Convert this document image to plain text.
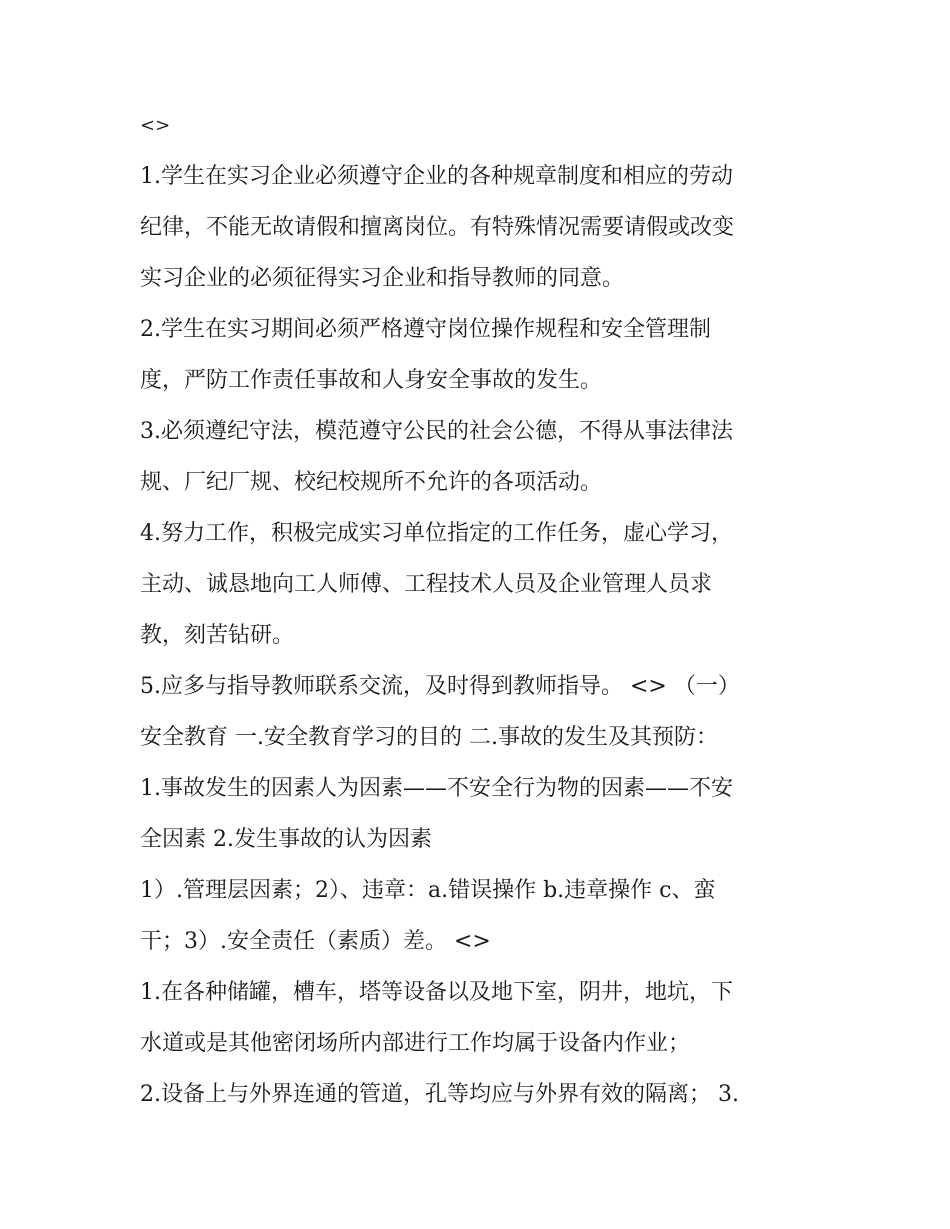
<>
1.学生在实习企业必须遵守企业的各种规章制度和相应的劳动
纪律，不能无故请假和擅离岗位。有特殊情况需要请假或改变
实习企业的必须征得实习企业和指导教师的同意。
2.学生在实习期间必须严格遵守岗位操作规程和安全管理制
度，严防工作责任事故和人身安全事故的发生。
3.必须遵纪守法，模范遵守公民的社会公德，不得从事法律法
规、厂纪厂规、校纪校规所不允许的各项活动。
4.努力工作，积极完成实习单位指定的工作任务，虚心学习，
主动、诚恳地向工人师傅、工程技术人员及企业管理人员求
教，刻苦钻研。
5.应多与指导教师联系交流，及时得到教师指导。 <> （一）
安全教育 一.安全教育学习的目的 二.事故的发生及其预防：
1.事故发生的因素人为因素——不安全行为物的因素——不安
全因素 2.发生事故的认为因素
1）.管理层因素；2）、违章：a.错误操作 b.违章操作 c、蛮
干；3）.安全责任（素质）差。 <>
1.在各种储罐，槽车，塔等设备以及地下室，阴井，地坑，下
水道或是其他密闭场所内部进行工作均属于设备内作业；
2.设备上与外界连通的管道，孔等均应与外界有效的隔离； 3.
